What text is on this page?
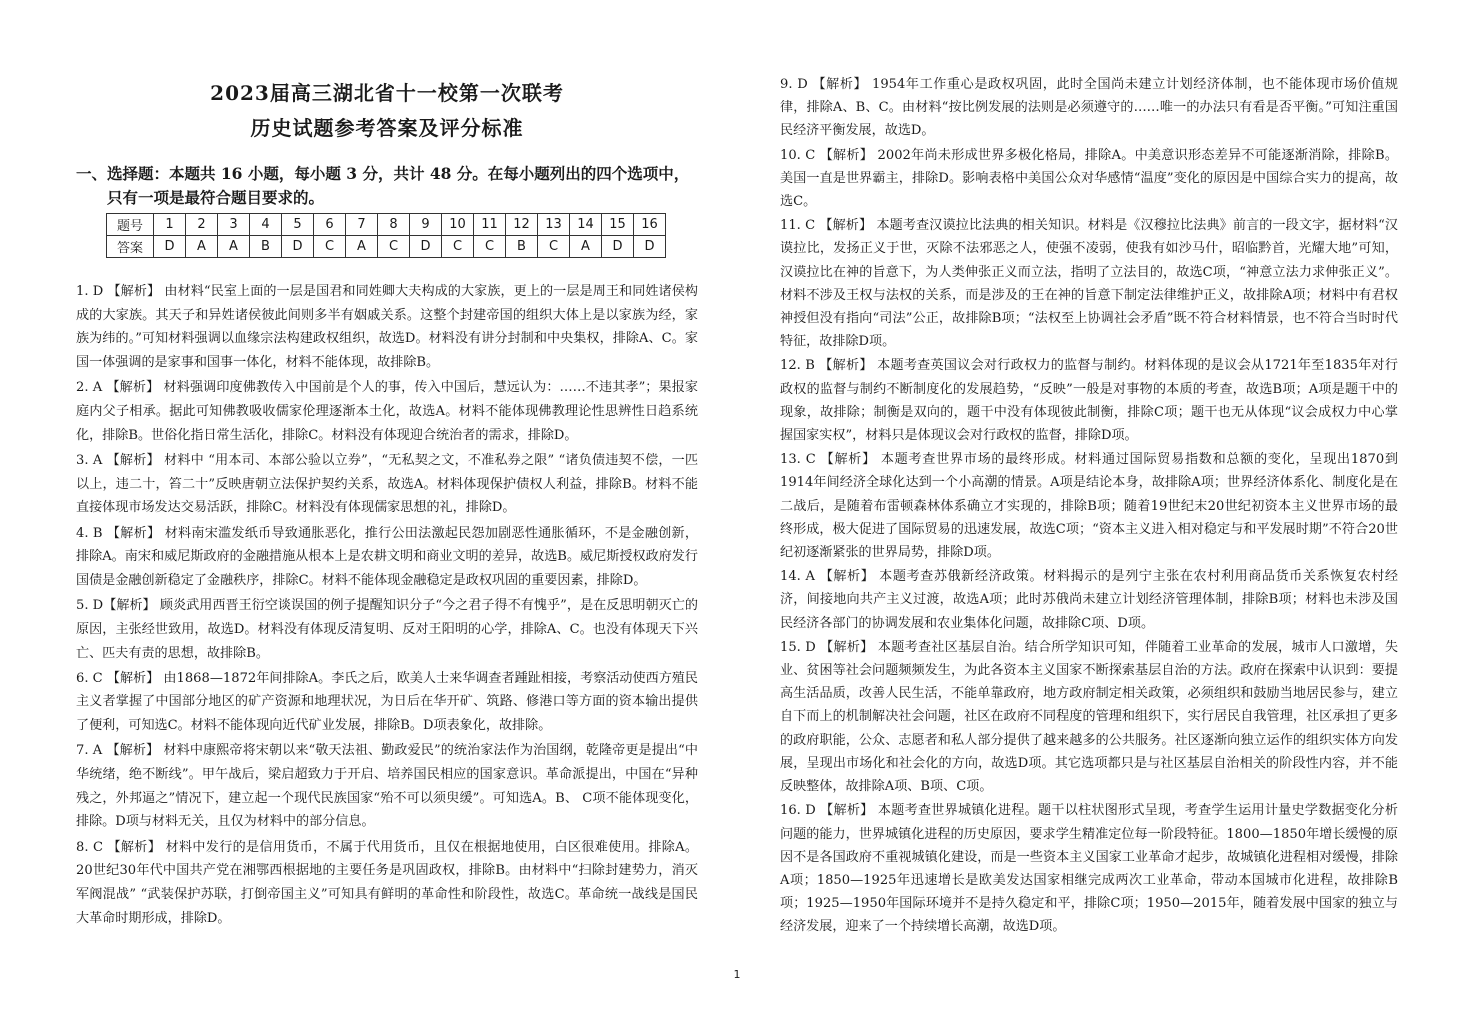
2023届高三湖北省十一校第一次联考
历史试题参考答案及评分标准
一、选择题：本题共 16 小题，每小题 3 分，共计 48 分。在每小题列出的四个选项中，
只有一项是最符合题目要求的。
题号	1	2	3	4	5	6	7	8	9	10	11	12	13	14	15	16
答案	D	A	A	B	D	C	A	C	D	C	C	B	C	A	D	D

1. D 【解析】 由材料“民室上面的一层是国君和同姓卿大夫构成的大家族，更上的一层是周王和同姓诸侯构成的大家族。其天子和异姓诸侯彼此间则多半有姻戚关系。这整个封建帝国的组织大体上是以家族为经，家族为纬的。”可知材料强调以血缘宗法构建政权组织，故选D。材料没有讲分封制和中央集权，排除A、C。家国一体强调的是家事和国事一体化，材料不能体现，故排除B。

2. A 【解析】 材料强调印度佛教传入中国前是个人的事，传入中国后，慧远认为：……不违其孝”；果报家庭内父子相承。据此可知佛教吸收儒家伦理逐渐本土化，故选A。材料不能体现佛教理论性思辨性日趋系统化，排除B。世俗化指日常生活化，排除C。材料没有体现迎合统治者的需求，排除D。

3. A 【解析】 材料中 “用本司、本部公验以立券”，“无私契之文，不准私券之限” “诸负债违契不偿，一匹以上，违二十，笞二十”反映唐朝立法保护契约关系，故选A。材料体现保护债权人利益，排除B。材料不能直接体现市场发达交易活跃，排除C。材料没有体现儒家思想的礼，排除D。

4. B 【解析】 材料南宋滥发纸币导致通胀恶化，推行公田法激起民怨加剧恶性通胀循环，不是金融创新，排除A。南宋和威尼斯政府的金融措施从根本上是农耕文明和商业文明的差异，故选B。威尼斯授权政府发行国债是金融创新稳定了金融秩序，排除C。材料不能体现金融稳定是政权巩固的重要因素，排除D。

5. D【解析】 顾炎武用西晋王衍空谈误国的例子提醒知识分子“今之君子得不有愧乎”，是在反思明朝灭亡的原因，主张经世致用，故选D。材料没有体现反清复明、反对王阳明的心学，排除A、C。也没有体现天下兴亡、匹夫有责的思想，故排除B。

6. C 【解析】 由1868—1872年间排除A。李氏之后，欧美人士来华调查者踵趾相接，考察活动使西方殖民主义者掌握了中国部分地区的矿产资源和地理状况，为日后在华开矿、筑路、修港口等方面的资本输出提供了便利，可知选C。材料不能体现向近代矿业发展，排除B。D项表象化，故排除。

7. A 【解析】 材料中康熙帝将宋朝以来“敬天法祖、勤政爱民”的统治家法作为治国纲，乾隆帝更是提出“中华统绪，绝不断线”。甲午战后，梁启超致力于开启、培养国民相应的国家意识。革命派提出，中国在“异种残之，外邦逼之”情况下，建立起一个现代民族国家“殆不可以须臾缓”。可知选A。B、 C项不能体现变化，排除。D项与材料无关，且仅为材料中的部分信息。

8. C 【解析】 材料中发行的是信用货币，不属于代用货币，且仅在根据地使用，白区很难使用。排除A。20世纪30年代中国共产党在湘鄂西根据地的主要任务是巩固政权，排除B。由材料中“扫除封建势力，消灭军阀混战” “武装保护苏联，打倒帝国主义”可知具有鲜明的革命性和阶段性，故选C。革命统一战线是国民大革命时期形成，排除D。

9. D 【解析】 1954年工作重心是政权巩固，此时全国尚未建立计划经济体制，也不能体现市场价值规律，排除A、B、C。由材料“按比例发展的法则是必须遵守的……唯一的办法只有看是否平衡。”可知注重国民经济平衡发展，故选D。

10. C 【解析】 2002年尚未形成世界多极化格局，排除A。中美意识形态差异不可能逐渐消除，排除B。美国一直是世界霸主，排除D。影响表格中美国公众对华感情“温度”变化的原因是中国综合实力的提高，故选C。

11. C 【解析】 本题考查汉谟拉比法典的相关知识。材料是《汉穆拉比法典》前言的一段文字，据材料“汉谟拉比，发扬正义于世，灭除不法邪恶之人，使强不凌弱，使我有如沙马什，昭临黔首，光耀大地”可知，汉谟拉比在神的旨意下，为人类伸张正义而立法，指明了立法目的，故选C项，“神意立法力求伸张正义”。材料不涉及王权与法权的关系，而是涉及的王在神的旨意下制定法律维护正义，故排除A项；材料中有君权神授但没有指向“司法”公正，故排除B项；“法权至上协调社会矛盾”既不符合材料情景，也不符合当时时代特征，故排除D项。

12. B 【解析】 本题考查英国议会对行政权力的监督与制约。材料体现的是议会从1721年至1835年对行政权的监督与制约不断制度化的发展趋势，“反映”一般是对事物的本质的考查，故选B项；A项是题干中的现象，故排除；制衡是双向的，题干中没有体现彼此制衡，排除C项；题干也无从体现“议会成权力中心掌握国家实权”，材料只是体现议会对行政权的监督，排除D项。

13. C 【解析】 本题考查世界市场的最终形成。材料通过国际贸易指数和总额的变化，呈现出1870到1914年间经济全球化达到一个小高潮的情景。A项是结论本身，故排除A项；世界经济体系化、制度化是在二战后，是随着布雷顿森林体系确立才实现的，排除B项；随着19世纪末20世纪初资本主义世界市场的最终形成，极大促进了国际贸易的迅速发展，故选C项；“资本主义进入相对稳定与和平发展时期”不符合20世纪初逐渐紧张的世界局势，排除D项。

14. A 【解析】 本题考查苏俄新经济政策。材料揭示的是列宁主张在农村利用商品货币关系恢复农村经济，间接地向共产主义过渡，故选A项；此时苏俄尚未建立计划经济管理体制，排除B项；材料也未涉及国民经济各部门的协调发展和农业集体化问题，故排除C项、D项。

15. D 【解析】 本题考查社区基层自治。结合所学知识可知，伴随着工业革命的发展，城市人口激增，失业、贫困等社会问题频频发生，为此各资本主义国家不断探索基层自治的方法。政府在探索中认识到：要提高生活品质，改善人民生活，不能单靠政府，地方政府制定相关政策，必须组织和鼓励当地居民参与，建立自下而上的机制解决社会问题，社区在政府不同程度的管理和组织下，实行居民自我管理，社区承担了更多的政府职能，公众、志愿者和私人部分提供了越来越多的公共服务。社区逐渐向独立运作的组织实体方向发展，呈现出市场化和社会化的方向，故选D项。其它选项都只是与社区基层自治相关的阶段性内容，并不能反映整体，故排除A项、B项、C项。

16. D 【解析】 本题考查世界城镇化进程。题干以柱状图形式呈现，考查学生运用计量史学数据变化分析问题的能力，世界城镇化进程的历史原因，要求学生精准定位每一阶段特征。1800—1850年增长缓慢的原因不是各国政府不重视城镇化建设，而是一些资本主义国家工业革命才起步，故城镇化进程相对缓慢，排除A项；1850—1925年迅速增长是欧美发达国家相继完成两次工业革命，带动本国城市化进程，故排除B项；1925—1950年国际环境并不是持久稳定和平，排除C项；1950—2015年，随着发展中国家的独立与经济发展，迎来了一个持续增长高潮，故选D项。

1
